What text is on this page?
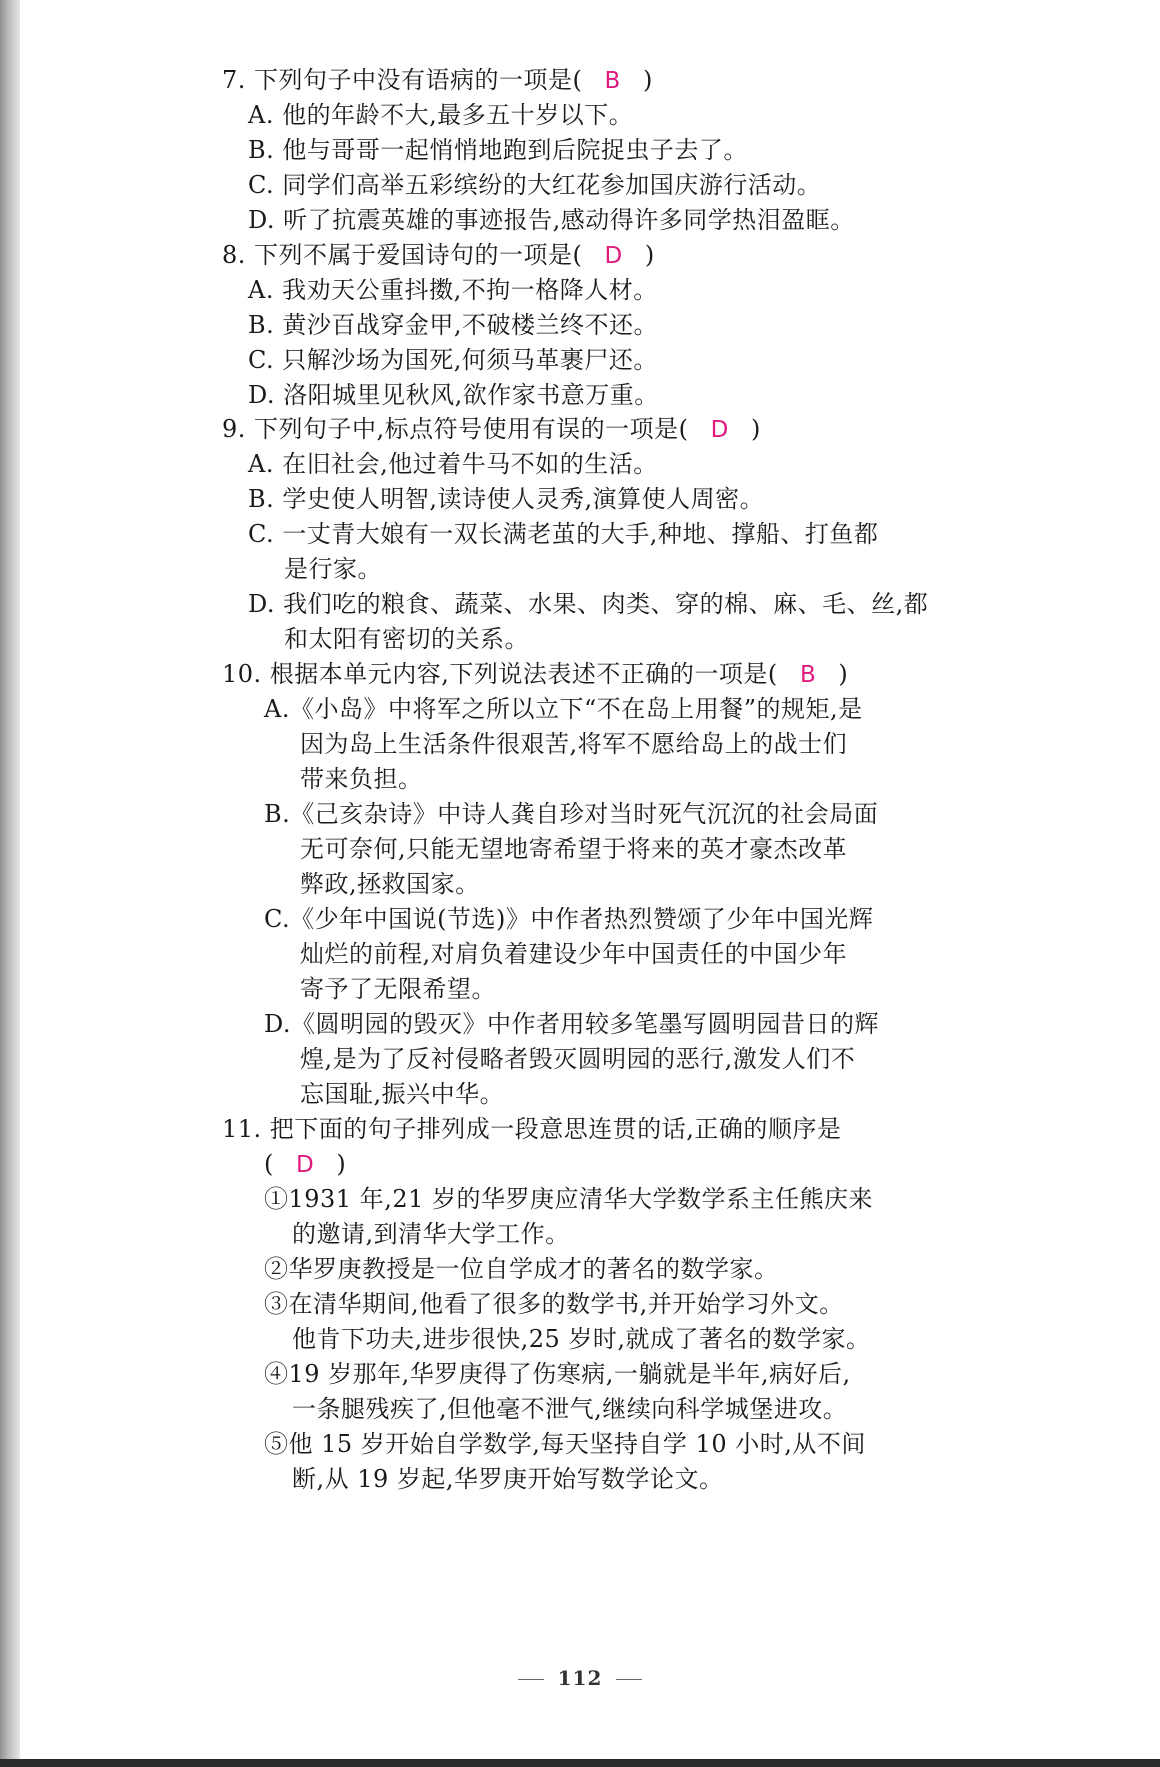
7. 下列句子中没有语病的一项是( B )
A. 他的年龄不大,最多五十岁以下。
B. 他与哥哥一起悄悄地跑到后院捉虫子去了。
C. 同学们高举五彩缤纷的大红花参加国庆游行活动。
D. 听了抗震英雄的事迹报告,感动得许多同学热泪盈眶。
8. 下列不属于爱国诗句的一项是( D )
A. 我劝天公重抖擞,不拘一格降人材。
B. 黄沙百战穿金甲,不破楼兰终不还。
C. 只解沙场为国死,何须马革裹尸还。
D. 洛阳城里见秋风,欲作家书意万重。
9. 下列句子中,标点符号使用有误的一项是( D )
A. 在旧社会,他过着牛马不如的生活。
B. 学史使人明智,读诗使人灵秀,演算使人周密。
C. 一丈青大娘有一双长满老茧的大手,种地、撑船、打鱼都
是行家。
D. 我们吃的粮食、蔬菜、水果、肉类、穿的棉、麻、毛、丝,都
和太阳有密切的关系。
10. 根据本单元内容,下列说法表述不正确的一项是( B )
A.《小岛》中将军之所以立下“不在岛上用餐”的规矩,是
因为岛上生活条件很艰苦,将军不愿给岛上的战士们
带来负担。
B.《己亥杂诗》中诗人龚自珍对当时死气沉沉的社会局面
无可奈何,只能无望地寄希望于将来的英才豪杰改革
弊政,拯救国家。
C.《少年中国说(节选)》中作者热烈赞颂了少年中国光辉
灿烂的前程,对肩负着建设少年中国责任的中国少年
寄予了无限希望。
D.《圆明园的毁灭》中作者用较多笔墨写圆明园昔日的辉
煌,是为了反衬侵略者毁灭圆明园的恶行,激发人们不
忘国耻,振兴中华。
11. 把下面的句子排列成一段意思连贯的话,正确的顺序是
( D )
①1931 年,21 岁的华罗庚应清华大学数学系主任熊庆来
的邀请,到清华大学工作。
②华罗庚教授是一位自学成才的著名的数学家。
③在清华期间,他看了很多的数学书,并开始学习外文。
他肯下功夫,进步很快,25 岁时,就成了著名的数学家。
④19 岁那年,华罗庚得了伤寒病,一躺就是半年,病好后,
一条腿残疾了,但他毫不泄气,继续向科学城堡进攻。
⑤他 15 岁开始自学数学,每天坚持自学 10 小时,从不间
断,从 19 岁起,华罗庚开始写数学论文。
112
